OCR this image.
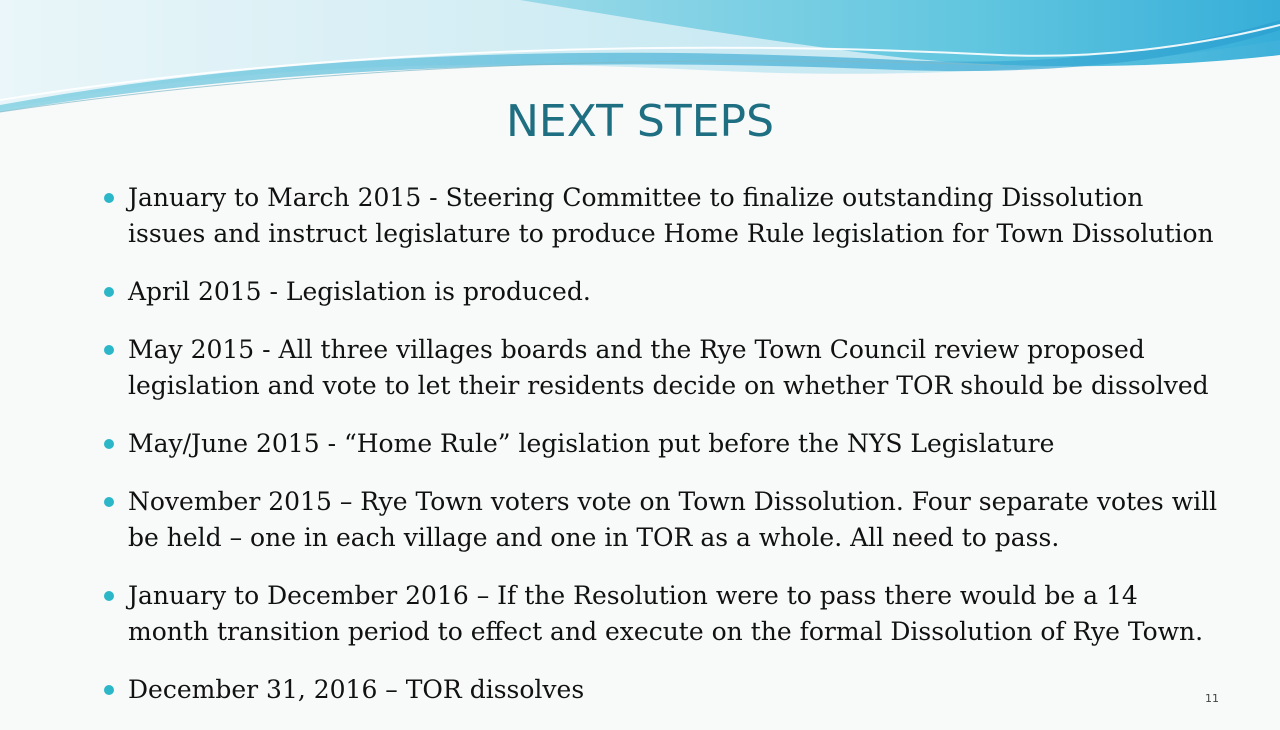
NEXT STEPS
January to March 2015 - Steering Committee to finalize outstanding Dissolution issues and instruct legislature to produce Home Rule legislation for Town Dissolution
April 2015 - Legislation is produced.
May 2015 - All three villages boards and the Rye Town Council review proposed legislation and vote to let their residents decide on whether TOR should be dissolved
May/June 2015 - “Home Rule” legislation put before the NYS Legislature
November 2015 – Rye Town voters vote on Town Dissolution. Four separate votes will be held – one in each village and one in TOR as a whole. All need to pass.
January to December 2016 – If the Resolution were to pass there would be a 14 month transition period to effect and execute on the formal Dissolution of Rye Town.
December 31, 2016 – TOR dissolves	11
